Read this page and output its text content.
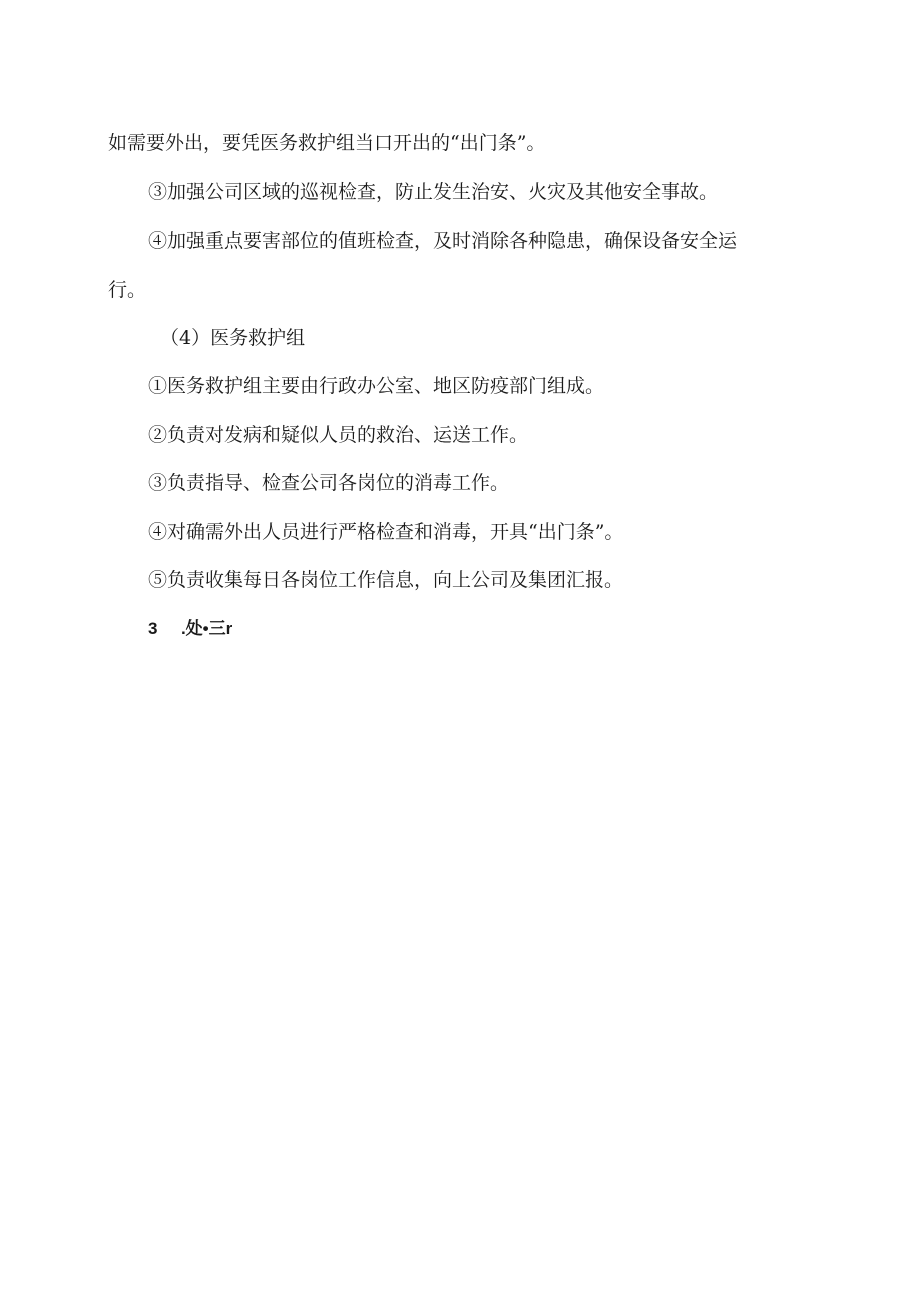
如需要外出，要凭医务救护组当口开出的“出门条”。
③加强公司区域的巡视检查，防止发生治安、火灾及其他安全事故。
④加强重点要害部位的值班检查，及时消除各种隐患，确保设备安全运
行。
（4）医务救护组
①医务救护组主要由行政办公室、地区防疫部门组成。
②负责对发病和疑似人员的救治、运送工作。
③负责指导、检查公司各岗位的消毒工作。
④对确需外出人员进行严格检查和消毒，开具“出门条”。
⑤负责收集每日各岗位工作信息，向上公司及集团汇报。
3 .处•三r
